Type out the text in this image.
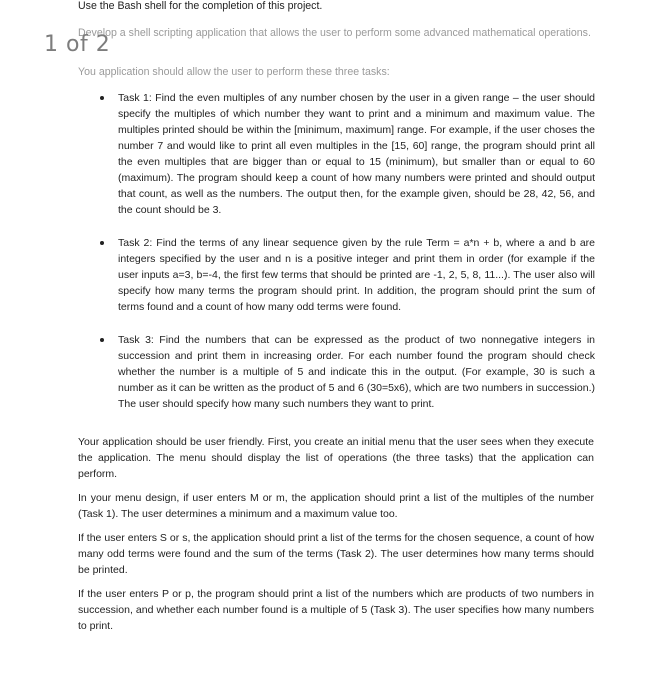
Use the Bash shell for the completion of this project.
Develop a shell scripting application that allows the user to perform some advanced mathematical operations.
1 of 2
You application should allow the user to perform these three tasks:
Task 1: Find the even multiples of any number chosen by the user in a given range – the user should specify the multiples of which number they want to print and a minimum and maximum value. The multiples printed should be within the [minimum, maximum] range. For example, if the user choses the number 7 and would like to print all even multiples in the [15, 60] range, the program should print all the even multiples that are bigger than or equal to 15 (minimum), but smaller than or equal to 60 (maximum). The program should keep a count of how many numbers were printed and should output that count, as well as the numbers. The output then, for the example given, should be 28, 42, 56, and the count should be 3.
Task 2: Find the terms of any linear sequence given by the rule Term = a*n + b, where a and b are integers specified by the user and n is a positive integer and print them in order (for example if the user inputs a=3, b=-4, the first few terms that should be printed are -1, 2, 5, 8, 11...). The user also will specify how many terms the program should print. In addition, the program should print the sum of terms found and a count of how many odd terms were found.
Task 3: Find the numbers that can be expressed as the product of two nonnegative integers in succession and print them in increasing order. For each number found the program should check whether the number is a multiple of 5 and indicate this in the output. (For example, 30 is such a number as it can be written as the product of 5 and 6 (30=5x6), which are two numbers in succession.) The user should specify how many such numbers they want to print.

Your application should be user friendly. First, you create an initial menu that the user sees when they execute the application. The menu should display the list of operations (the three tasks) that the application can perform.

In your menu design, if user enters M or m, the application should print a list of the multiples of the number (Task 1). The user determines a minimum and a maximum value too.

If the user enters S or s, the application should print a list of the terms for the chosen sequence, a count of how many odd terms were found and the sum of the terms (Task 2). The user determines how many terms should be printed.

If the user enters P or p, the program should print a list of the numbers which are products of two numbers in succession, and whether each number found is a multiple of 5 (Task 3). The user specifies how many numbers to print.
